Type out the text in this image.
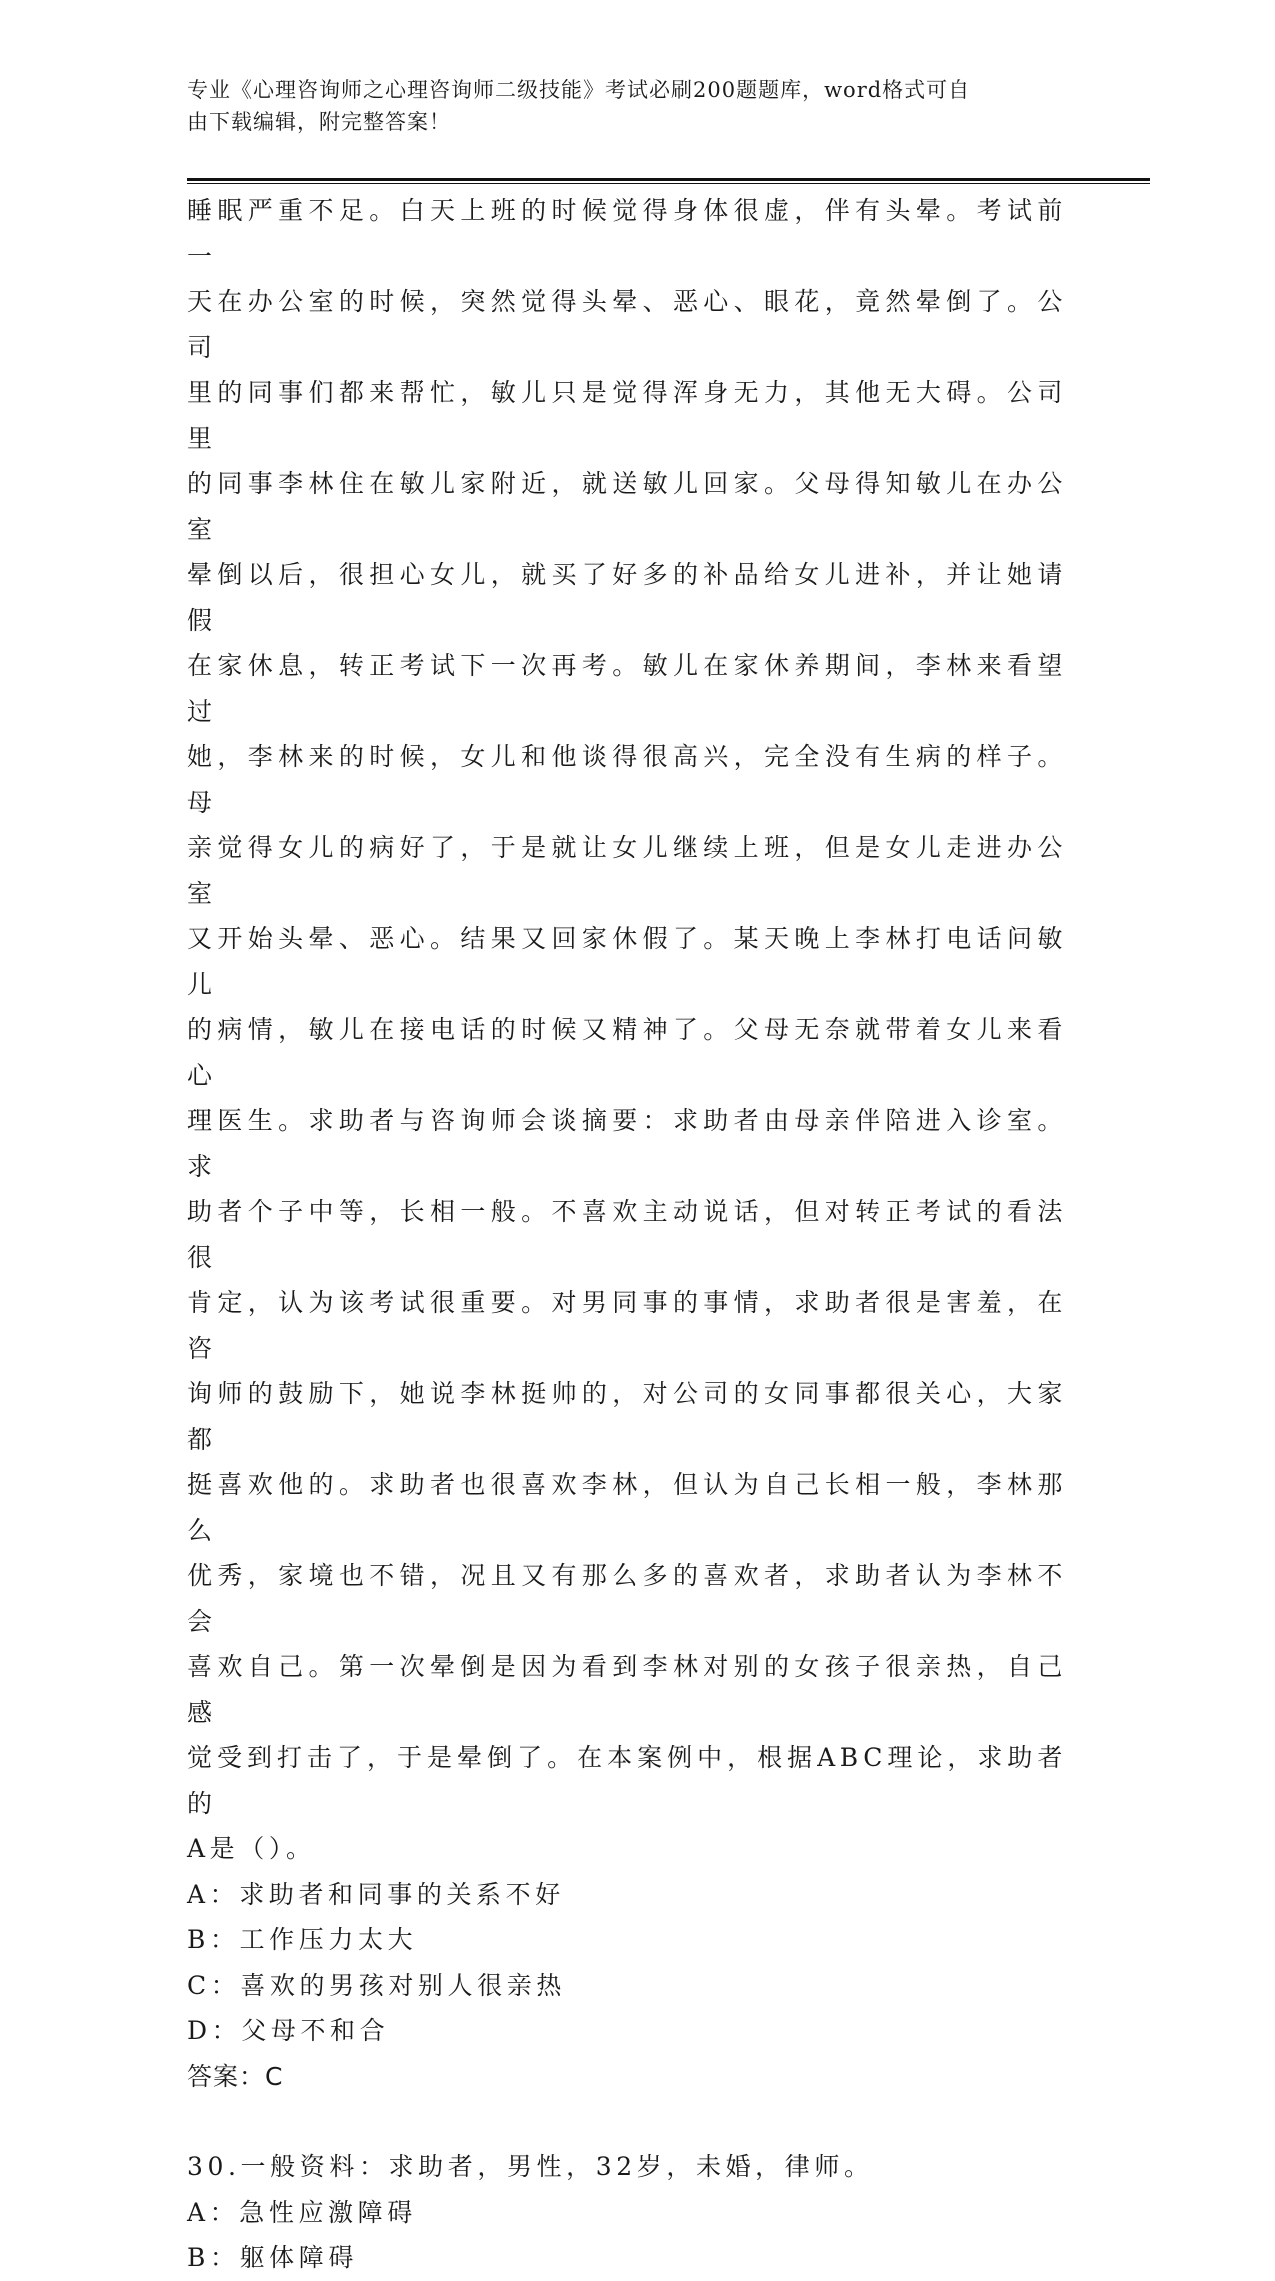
专业《心理咨询师之心理咨询师二级技能》考试必刷200题题库，word格式可自
由下载编辑，附完整答案！

睡眠严重不足。白天上班的时候觉得身体很虚，伴有头晕。考试前一

天在办公室的时候，突然觉得头晕、恶心、眼花，竟然晕倒了。公司

里的同事们都来帮忙，敏儿只是觉得浑身无力，其他无大碍。公司里

的同事李林住在敏儿家附近，就送敏儿回家。父母得知敏儿在办公室

晕倒以后，很担心女儿，就买了好多的补品给女儿进补，并让她请假

在家休息，转正考试下一次再考。敏儿在家休养期间，李林来看望过

她，李林来的时候，女儿和他谈得很高兴，完全没有生病的样子。母

亲觉得女儿的病好了，于是就让女儿继续上班，但是女儿走进办公室

又开始头晕、恶心。结果又回家休假了。某天晚上李林打电话问敏儿

的病情，敏儿在接电话的时候又精神了。父母无奈就带着女儿来看心

理医生。求助者与咨询师会谈摘要：求助者由母亲伴陪进入诊室。求

助者个子中等，长相一般。不喜欢主动说话，但对转正考试的看法很

肯定，认为该考试很重要。对男同事的事情，求助者很是害羞，在咨

询师的鼓励下，她说李林挺帅的，对公司的女同事都很关心，大家都

挺喜欢他的。求助者也很喜欢李林，但认为自己长相一般，李林那么

优秀，家境也不错，况且又有那么多的喜欢者，求助者认为李林不会

喜欢自己。第一次晕倒是因为看到李林对别的女孩子很亲热，自己感

觉受到打击了，于是晕倒了。在本案例中，根据ABC理论，求助者的

A是（）。

A：求助者和同事的关系不好

B：工作压力太大

C：喜欢的男孩对别人很亲热

D：父母不和合

答案：C

30.一般资料：求助者，男性，32岁，未婚，律师。

A：急性应激障碍

B：躯体障碍
